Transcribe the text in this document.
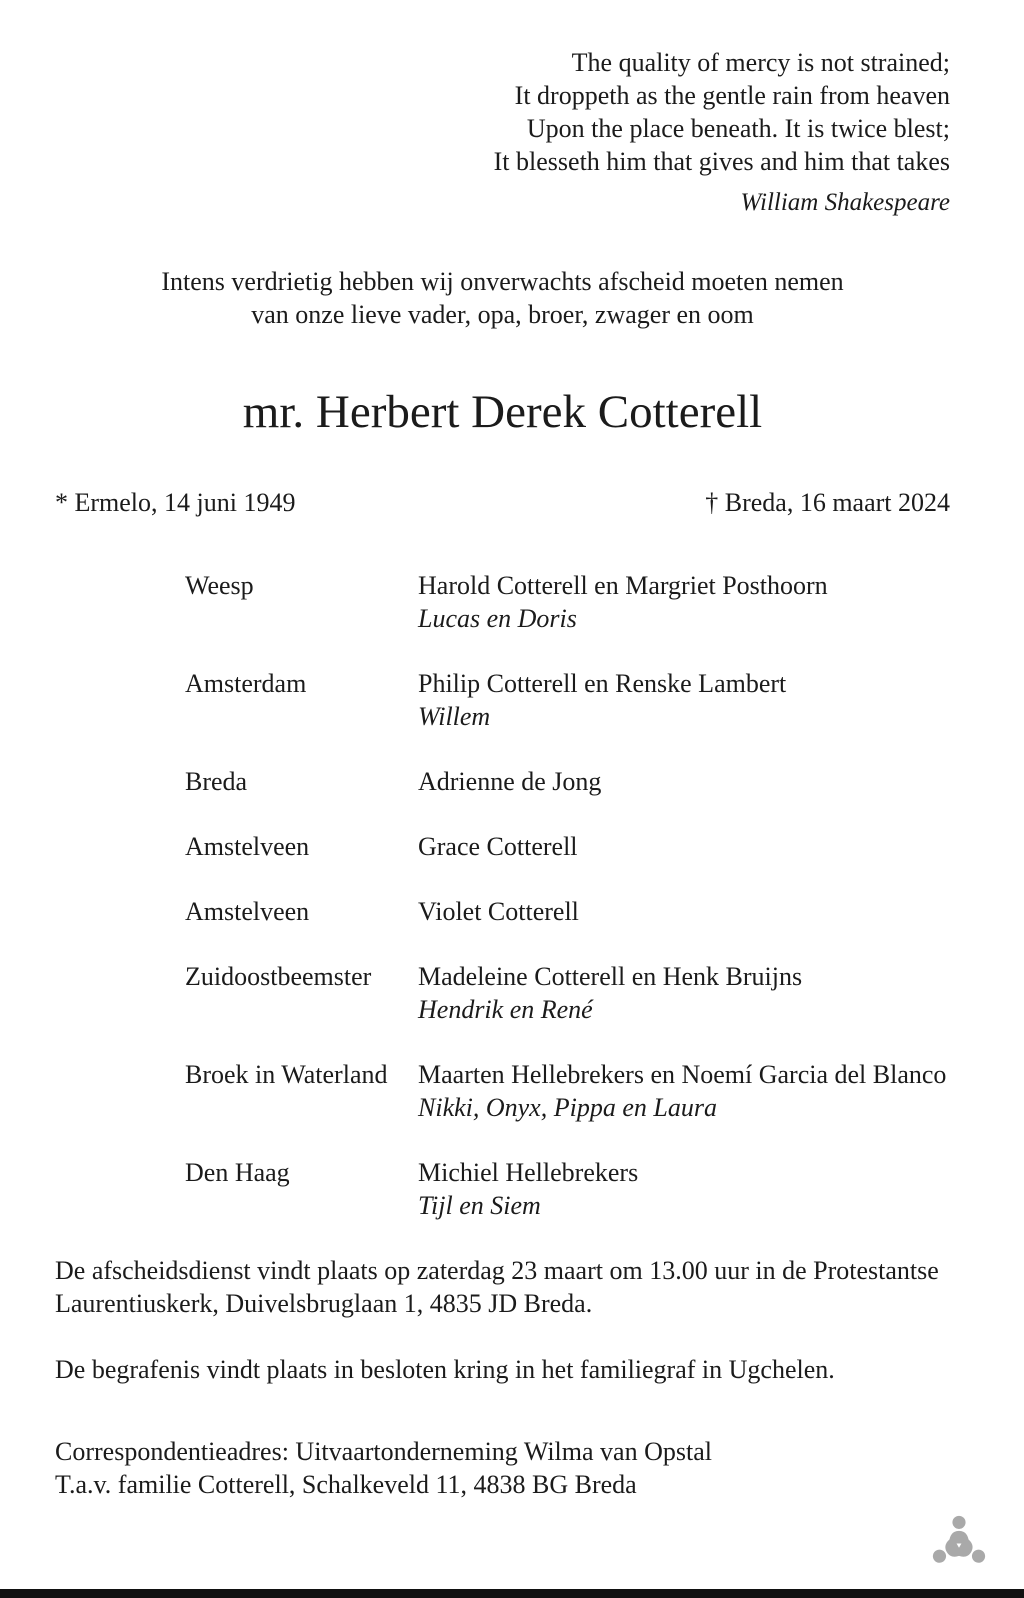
The quality of mercy is not strained;
It droppeth as the gentle rain from heaven
Upon the place beneath. It is twice blest;
It blesseth him that gives and him that takes
William Shakespeare
Intens verdrietig hebben wij onverwachts afscheid moeten nemen
van onze lieve vader, opa, broer, zwager en oom
mr. Herbert Derek Cotterell
* Ermelo, 14 juni 1949	† Breda, 16 maart 2024
Weesp	Harold Cotterell en Margriet Posthoorn
Lucas en Doris
Amsterdam	Philip Cotterell en Renske Lambert
Willem
Breda	Adrienne de Jong
Amstelveen	Grace Cotterell
Amstelveen	Violet Cotterell
Zuidoostbeemster	Madeleine Cotterell en Henk Bruijns
Hendrik en René
Broek in Waterland	Maarten Hellebrekers en Noemí Garcia del Blanco
Nikki, Onyx, Pippa en Laura
Den Haag	Michiel Hellebrekers
Tijl en Siem

De afscheidsdienst vindt plaats op zaterdag 23 maart om 13.00 uur in de Protestantse Laurentiuskerk, Duivelsbruglaan 1, 4835 JD Breda.

De begrafenis vindt plaats in besloten kring in het familiegraf in Ugchelen.

Correspondentieadres: Uitvaartonderneming Wilma van Opstal
T.a.v. familie Cotterell, Schalkeveld 11, 4838 BG Breda
